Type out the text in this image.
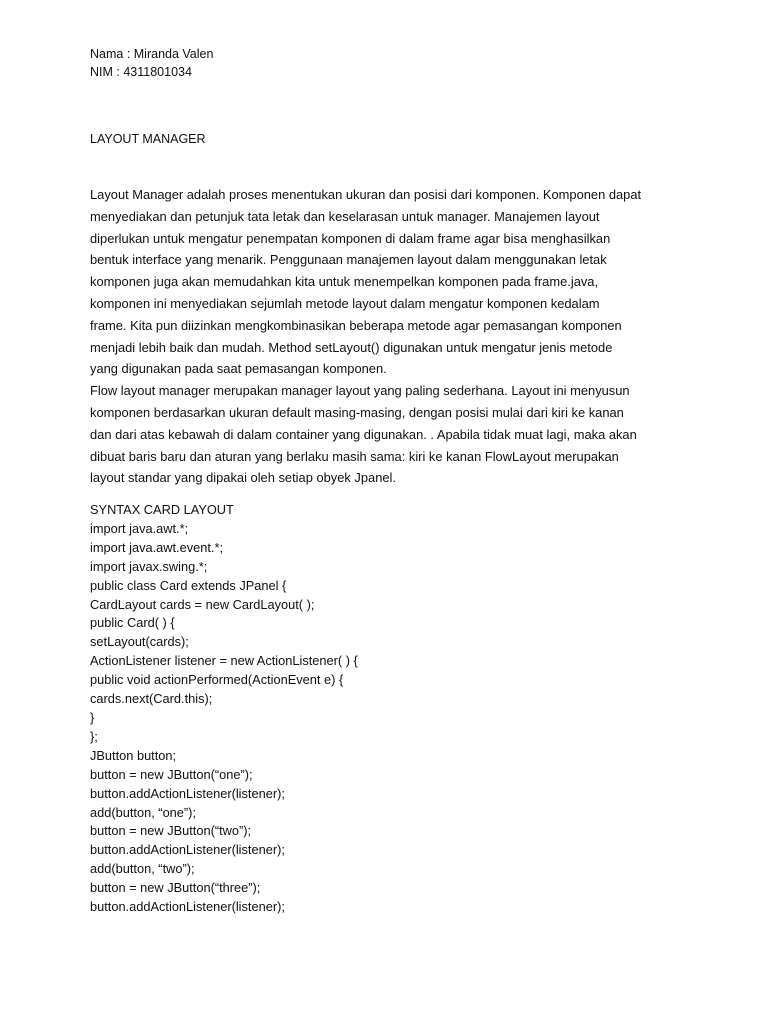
Nama : Miranda Valen

NIM : 4311801034

LAYOUT MANAGER

Layout Manager adalah proses menentukan ukuran dan posisi dari komponen. Komponen dapat
menyediakan dan petunjuk tata letak dan keselarasan untuk manager. Manajemen layout
diperlukan untuk mengatur penempatan komponen di dalam frame agar bisa menghasilkan
bentuk interface yang menarik. Penggunaan manajemen layout dalam menggunakan letak
komponen juga akan memudahkan kita untuk menempelkan komponen pada frame.java,
komponen ini menyediakan sejumlah metode layout dalam mengatur komponen kedalam
frame. Kita pun diizinkan mengkombinasikan beberapa metode agar pemasangan komponen
menjadi lebih baik dan mudah. Method setLayout() digunakan untuk mengatur jenis metode
yang digunakan pada saat pemasangan komponen.

Flow layout manager merupakan manager layout yang paling sederhana. Layout ini menyusun
komponen berdasarkan ukuran default masing-masing, dengan posisi mulai dari kiri ke kanan
dan dari atas kebawah di dalam container yang digunakan. . Apabila tidak muat lagi, maka akan
dibuat baris baru dan aturan yang berlaku masih sama: kiri ke kanan FlowLayout merupakan
layout standar yang dipakai oleh setiap obyek Jpanel.

SYNTAX CARD LAYOUT
import java.awt.*;
import java.awt.event.*;
import javax.swing.*;
public class Card extends JPanel {
CardLayout cards = new CardLayout( );
public Card( ) {
setLayout(cards);
ActionListener listener = new ActionListener( ) {
public void actionPerformed(ActionEvent e) {
cards.next(Card.this);
}
};
JButton button;
button = new JButton(“one”);
button.addActionListener(listener);
add(button, “one”);
button = new JButton(“two”);
button.addActionListener(listener);
add(button, “two”);
button = new JButton(“three”);
button.addActionListener(listener);
